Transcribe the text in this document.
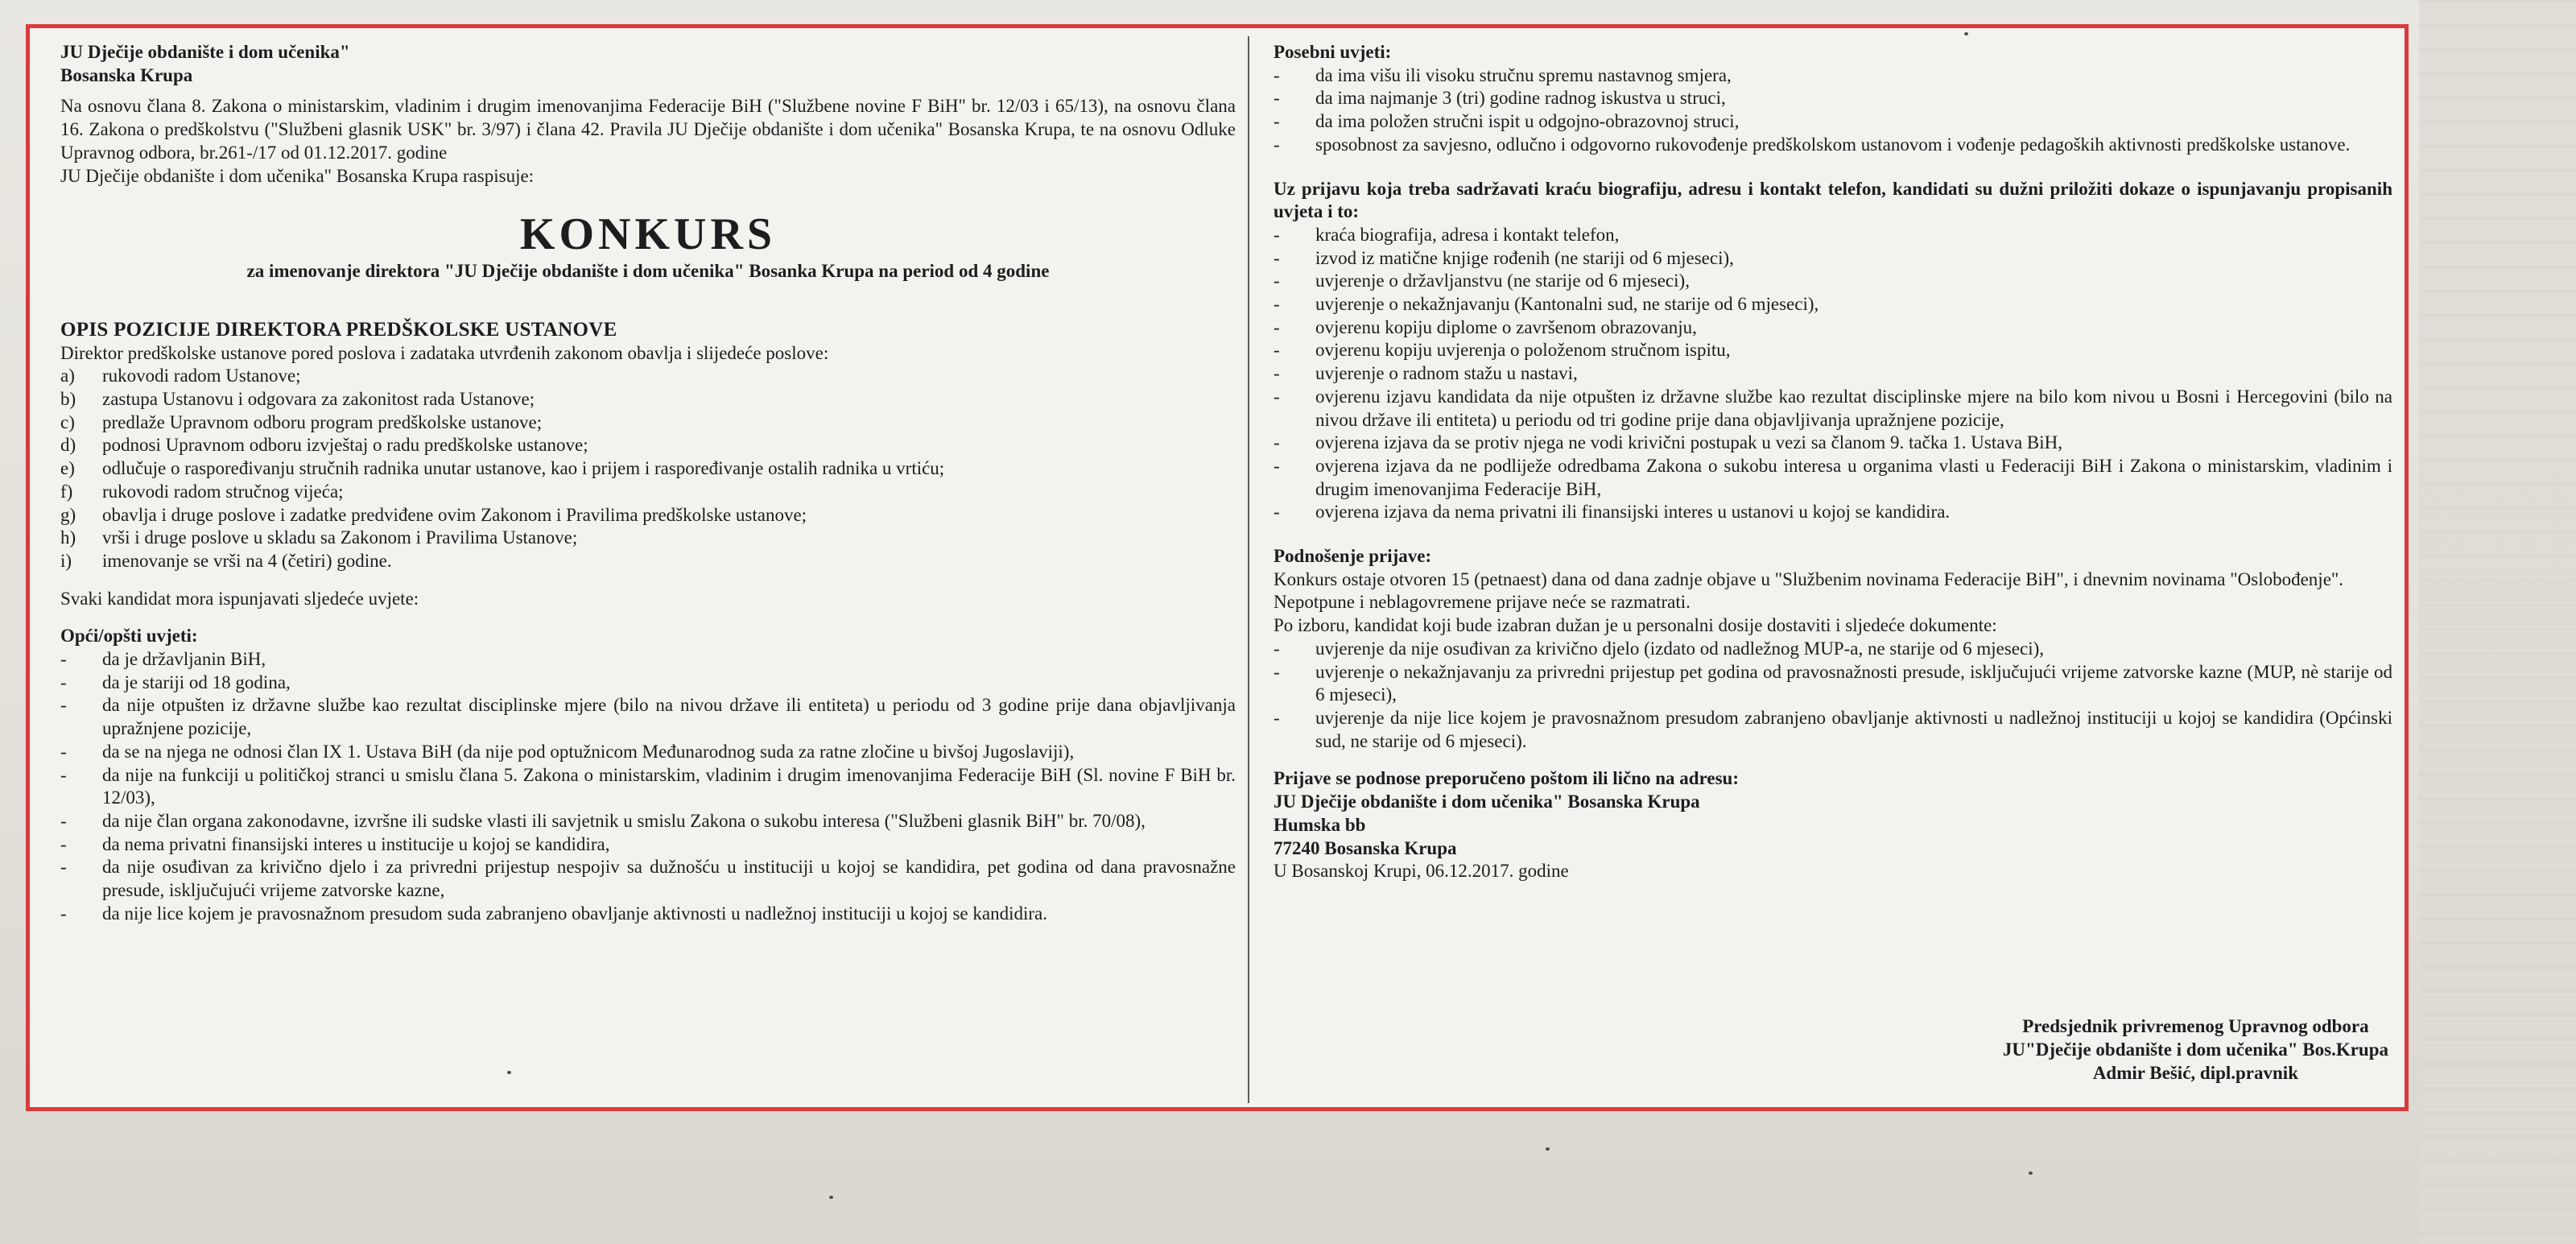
JU Dječije obdanište i dom učenika"

Bosanska Krupa

Na osnovu člana 8. Zakona o ministarskim, vladinim i drugim imenovanjima Federacije BiH ("Službene novine F BiH" br. 12/03 i 65/13), na osnovu člana 16. Zakona o predškolstvu ("Službeni glasnik USK" br. 3/97) i člana 42. Pravila JU Dječije obdanište i dom učenika" Bosanska Krupa, te na osnovu Odluke Upravnog odbora, br.261-/17 od 01.12.2017. godine

JU Dječije obdanište i dom učenika" Bosanska Krupa raspisuje:

KONKURS
za imenovanje direktora "JU Dječije obdanište i dom učenika" Bosanka Krupa na period od 4 godine

OPIS POZICIJE DIREKTORA PREDŠKOLSKE USTANOVE

Direktor predškolske ustanove pored poslova i zadataka utvrđenih zakonom obavlja i slijedeće poslove:

a)	rukovodi radom Ustanove;
b)	zastupa Ustanovu i odgovara za zakonitost rada Ustanove;
c)	predlaže Upravnom odboru program predškolske ustanove;
d)	podnosi Upravnom odboru izvještaj o radu predškolske ustanove;
e)	odlučuje o raspoređivanju stručnih radnika unutar ustanove, kao i prijem i raspoređivanje ostalih radnika u vrtiću;
f)	rukovodi radom stručnog vijeća;
g)	obavlja i druge poslove i zadatke predviđene ovim Zakonom i Pravilima predškolske ustanove;
h)	vrši i druge poslove u skladu sa Zakonom i Pravilima Ustanove;
i)	imenovanje se vrši na 4 (četiri) godine.

Svaki kandidat mora ispunjavati sljedeće uvjete:

Opći/opšti uvjeti:

-	da je državljanin BiH,
-	da je stariji od 18 godina,
-	da nije otpušten iz državne službe kao rezultat disciplinske mjere (bilo na nivou države ili entiteta) u periodu od 3 godine prije dana objavljivanja upražnjene pozicije,
-	da se na njega ne odnosi član IX 1. Ustava BiH (da nije pod optužnicom Međunarodnog suda za ratne zločine u bivšoj Jugoslaviji),
-	da nije na funkciji u političkoj stranci u smislu člana 5. Zakona o ministarskim, vladinim i drugim imenovanjima Federacije BiH (Sl. novine F BiH br. 12/03),
-	da nije član organa zakonodavne, izvršne ili sudske vlasti ili savjetnik u smislu Zakona o sukobu interesa ("Službeni glasnik BiH" br. 70/08),
-	da nema privatni finansijski interes u institucije u kojoj se kandidira,
-	da nije osuđivan za krivično djelo i za privredni prijestup nespojiv sa dužnošću u instituciji u kojoj se kandidira, pet godina od dana pravosnažne presude, isključujući vrijeme zatvorske kazne,
-	da nije lice kojem je pravosnažnom presudom suda zabranjeno obavljanje aktivnosti u nadležnoj instituciji u kojoj se kandidira.

Posebni uvjeti:

-	da ima višu ili visoku stručnu spremu nastavnog smjera,
-	da ima najmanje 3 (tri) godine radnog iskustva u struci,
-	da ima položen stručni ispit u odgojno-obrazovnoj struci,
-	sposobnost za savjesno, odlučno i odgovorno rukovođenje predškolskom ustanovom i vođenje pedagoških aktivnosti predškolske ustanove.

Uz prijavu koja treba sadržavati kraću biografiju, adresu i kontakt telefon, kandidati su dužni priložiti dokaze o ispunjavanju propisanih uvjeta i to:

-	kraća biografija, adresa i kontakt telefon,
-	izvod iz matične knjige rođenih (ne stariji od 6 mjeseci),
-	uvjerenje o državljanstvu (ne starije od 6 mjeseci),
-	uvjerenje o nekažnjavanju (Kantonalni sud, ne starije od 6 mjeseci),
-	ovjerenu kopiju diplome o završenom obrazovanju,
-	ovjerenu kopiju uvjerenja o položenom stručnom ispitu,
-	uvjerenje o radnom stažu u nastavi,
-	ovjerenu izjavu kandidata da nije otpušten iz državne službe kao rezultat disciplinske mjere na bilo kom nivou u Bosni i Hercegovini (bilo na nivou države ili entiteta) u periodu od tri godine prije dana objavljivanja upražnjene pozicije,
-	ovjerena izjava da se protiv njega ne vodi krivični postupak u vezi sa članom 9. tačka 1. Ustava BiH,
-	ovjerena izjava da ne podliježe odredbama Zakona o sukobu interesa u organima vlasti u Federaciji BiH i Zakona o ministarskim, vladinim i drugim imenovanjima Federacije BiH,
-	ovjerena izjava da nema privatni ili finansijski interes u ustanovi u kojoj se kandidira.

Podnošenje prijave:

Konkurs ostaje otvoren 15 (petnaest) dana od dana zadnje objave u "Službenim novinama Federacije BiH", i dnevnim novinama "Oslobođenje".

Nepotpune i neblagovremene prijave neće se razmatrati.

Po izboru, kandidat koji bude izabran dužan je u personalni dosije dostaviti i sljedeće dokumente:

-	uvjerenje da nije osuđivan za krivično djelo (izdato od nadležnog MUP-a, ne starije od 6 mjeseci),
-	uvjerenje o nekažnjavanju za privredni prijestup pet godina od pravosnažnosti presude, isključujući vrijeme zatvorske kazne (MUP, nè starije od 6 mjeseci),
-	uvjerenje da nije lice kojem je pravosnažnom presudom zabranjeno obavljanje aktivnosti u nadležnoj instituciji u kojoj se kandidira (Općinski sud, ne starije od 6 mjeseci).

Prijave se podnose preporučeno poštom ili lično na adresu:

JU Dječije obdanište i dom učenika" Bosanska Krupa

Humska bb

77240 Bosanska Krupa

U Bosanskoj Krupi, 06.12.2017. godine

Predsjednik privremenog Upravnog odbora
JU"Dječije obdanište i dom učenika" Bos.Krupa
Admir Bešić, dipl.pravnik
